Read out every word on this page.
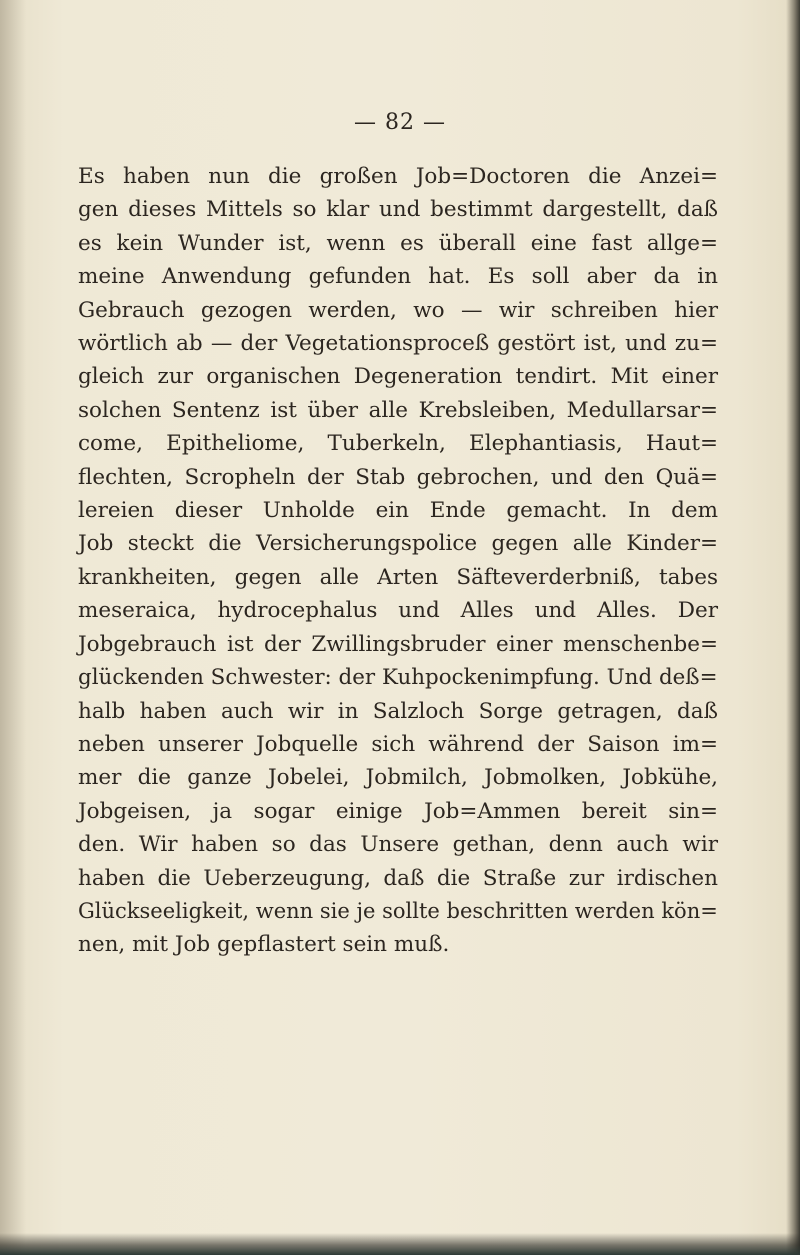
— 82 —
Es haben nun die großen Job=Doctoren die Anzei=
gen dieses Mittels so klar und bestimmt dargestellt, daß
es kein Wunder ist, wenn es überall eine fast allge=
meine Anwendung gefunden hat. Es soll aber da in
Gebrauch gezogen werden, wo — wir schreiben hier
wörtlich ab — der Vegetationsproceß gestört ist, und zu=
gleich zur organischen Degeneration tendirt. Mit einer
solchen Sentenz ist über alle Krebsleiben, Medullarsar=
come, Epitheliome, Tuberkeln, Elephantiasis, Haut=
flechten, Scropheln der Stab gebrochen, und den Quä=
lereien dieser Unholde ein Ende gemacht. In dem
Job steckt die Versicherungspolice gegen alle Kinder=
krankheiten, gegen alle Arten Säfteverderbniß, tabes
meseraica, hydrocephalus und Alles und Alles. Der
Jobgebrauch ist der Zwillingsbruder einer menschenbe=
glückenden Schwester: der Kuhpockenimpfung. Und deß=
halb haben auch wir in Salzloch Sorge getragen, daß
neben unserer Jobquelle sich während der Saison im=
mer die ganze Jobelei, Jobmilch, Jobmolken, Jobkühe,
Jobgeisen, ja sogar einige Job=Ammen bereit sin=
den. Wir haben so das Unsere gethan, denn auch wir
haben die Ueberzeugung, daß die Straße zur irdischen
Glückseeligkeit, wenn sie je sollte beschritten werden kön=
nen, mit Job gepflastert sein muß.
